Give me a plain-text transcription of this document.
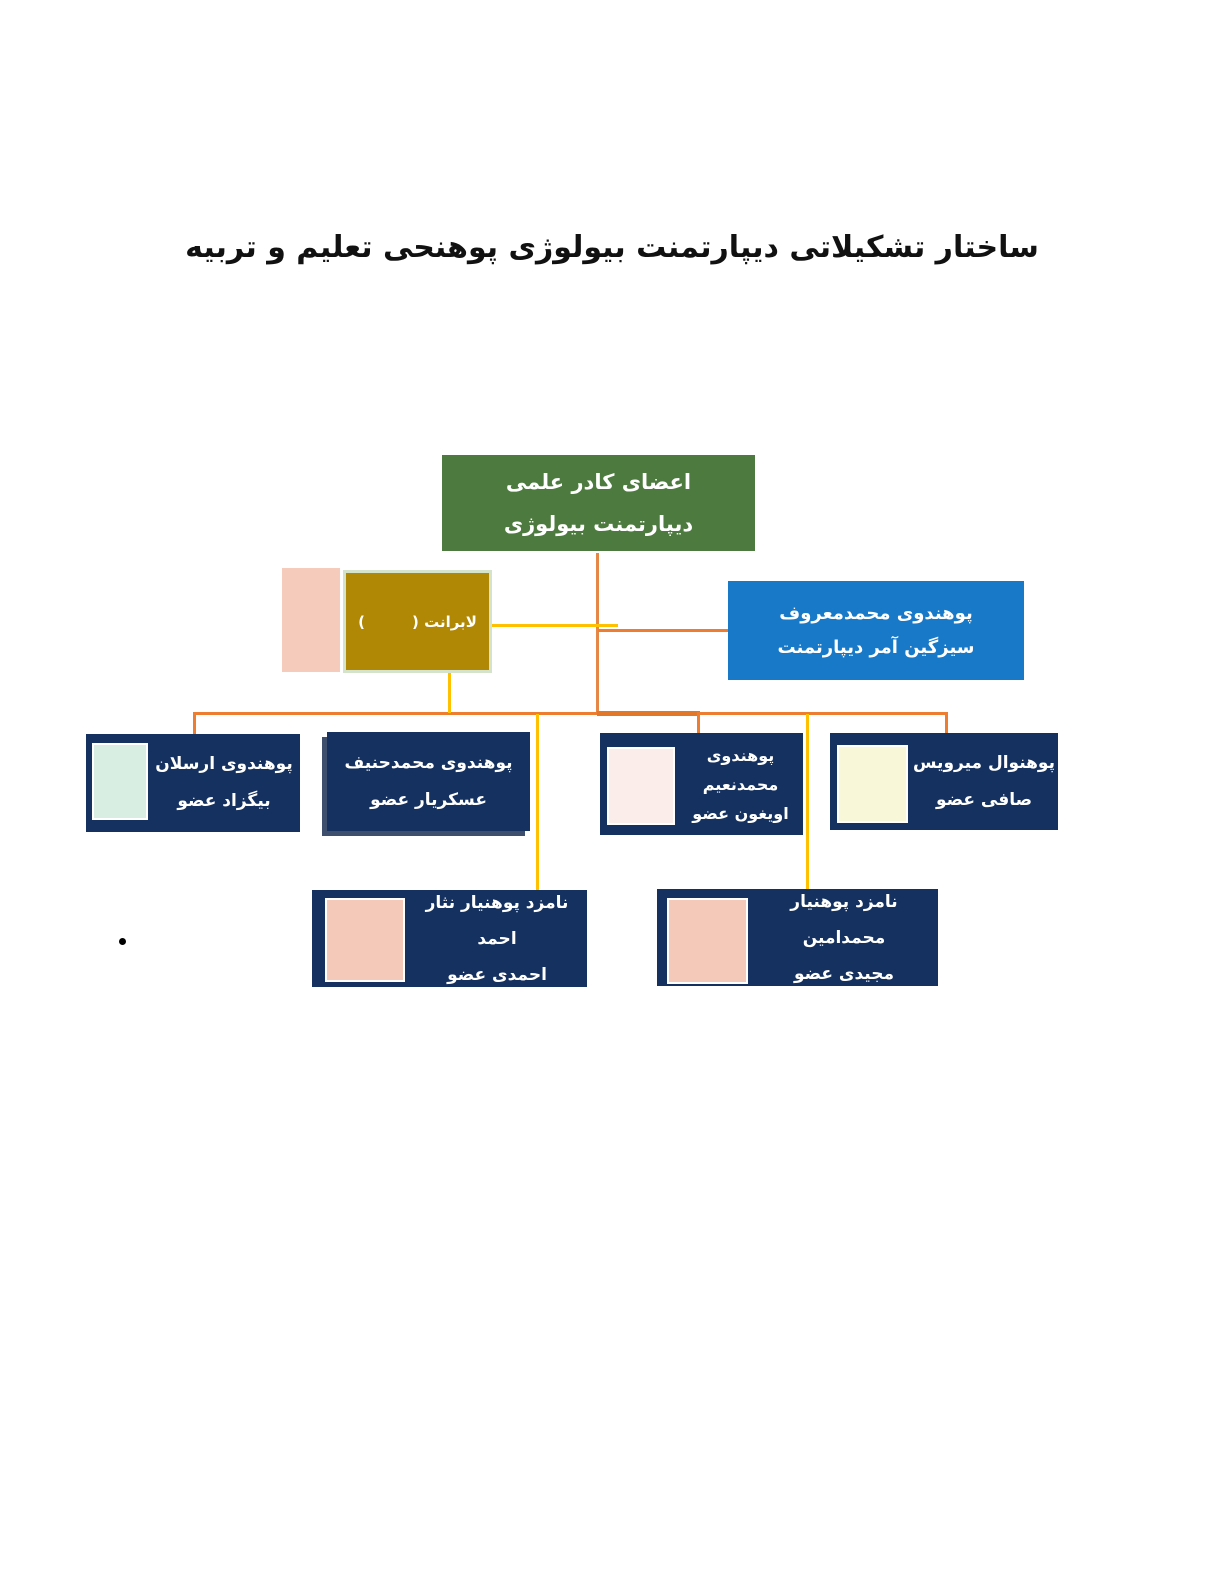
ساختار تشکیلاتی دیپارتمنت بیولوژی پوهنحی تعلیم و تربیه
اعضای کادر علمی
دیپارتمنت بیولوژی
لابرانت (         )	پوهندوی محمدمعروف
سیزگین آمر دیپارتمنت
پوهندوی ارسلان
بیگزاد عضو
پوهندوی محمدحنیف
عسکریار عضو
پوهندوی
محمدنعیم
اویغون عضو
پوهنوال میرویس
صافی عضو
نامزد پوهنیار نثار احمد
احمدی عضو
نامزد پوهنیار محمدامین
مجیدی عضو
